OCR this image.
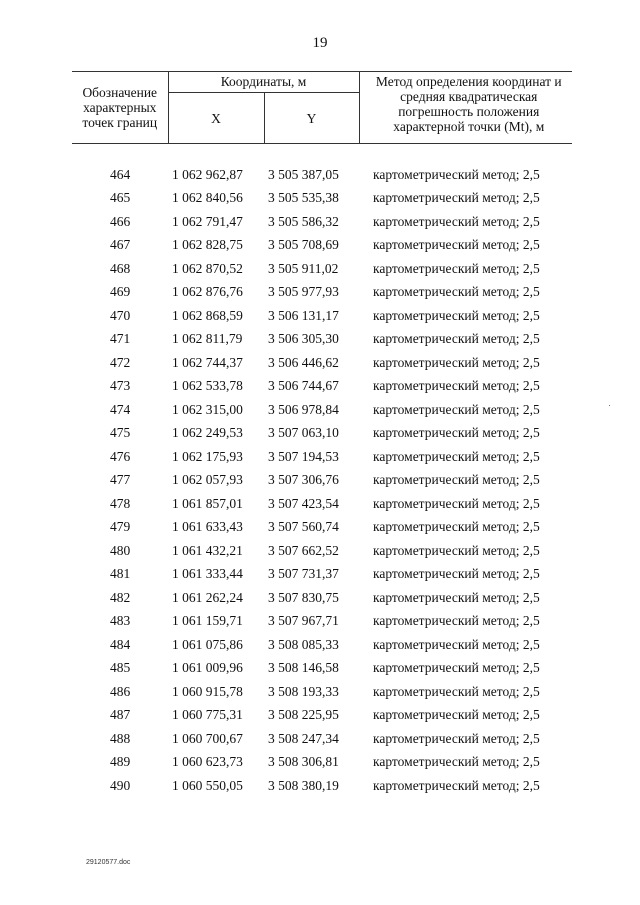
19
Обозначение характерных точек границ	Координаты, м		Метод определения координат и средняя квадратическая погрешность положения характерной точки (Mt), м
	X	Y	

464	1 062 962,87	3 505 387,05	картометрический метод; 2,5
465	1 062 840,56	3 505 535,38	картометрический метод; 2,5
466	1 062 791,47	3 505 586,32	картометрический метод; 2,5
467	1 062 828,75	3 505 708,69	картометрический метод; 2,5
468	1 062 870,52	3 505 911,02	картометрический метод; 2,5
469	1 062 876,76	3 505 977,93	картометрический метод; 2,5
470	1 062 868,59	3 506 131,17	картометрический метод; 2,5
471	1 062 811,79	3 506 305,30	картометрический метод; 2,5
472	1 062 744,37	3 506 446,62	картометрический метод; 2,5
473	1 062 533,78	3 506 744,67	картометрический метод; 2,5
474	1 062 315,00	3 506 978,84	картометрический метод; 2,5
475	1 062 249,53	3 507 063,10	картометрический метод; 2,5
476	1 062 175,93	3 507 194,53	картометрический метод; 2,5
477	1 062 057,93	3 507 306,76	картометрический метод; 2,5
478	1 061 857,01	3 507 423,54	картометрический метод; 2,5
479	1 061 633,43	3 507 560,74	картометрический метод; 2,5
480	1 061 432,21	3 507 662,52	картометрический метод; 2,5
481	1 061 333,44	3 507 731,37	картометрический метод; 2,5
482	1 061 262,24	3 507 830,75	картометрический метод; 2,5
483	1 061 159,71	3 507 967,71	картометрический метод; 2,5
484	1 061 075,86	3 508 085,33	картометрический метод; 2,5
485	1 061 009,96	3 508 146,58	картометрический метод; 2,5
486	1 060 915,78	3 508 193,33	картометрический метод; 2,5
487	1 060 775,31	3 508 225,95	картометрический метод; 2,5
488	1 060 700,67	3 508 247,34	картометрический метод; 2,5
489	1 060 623,73	3 508 306,81	картометрический метод; 2,5
490	1 060 550,05	3 508 380,19	картометрический метод; 2,5
29120577.doc
